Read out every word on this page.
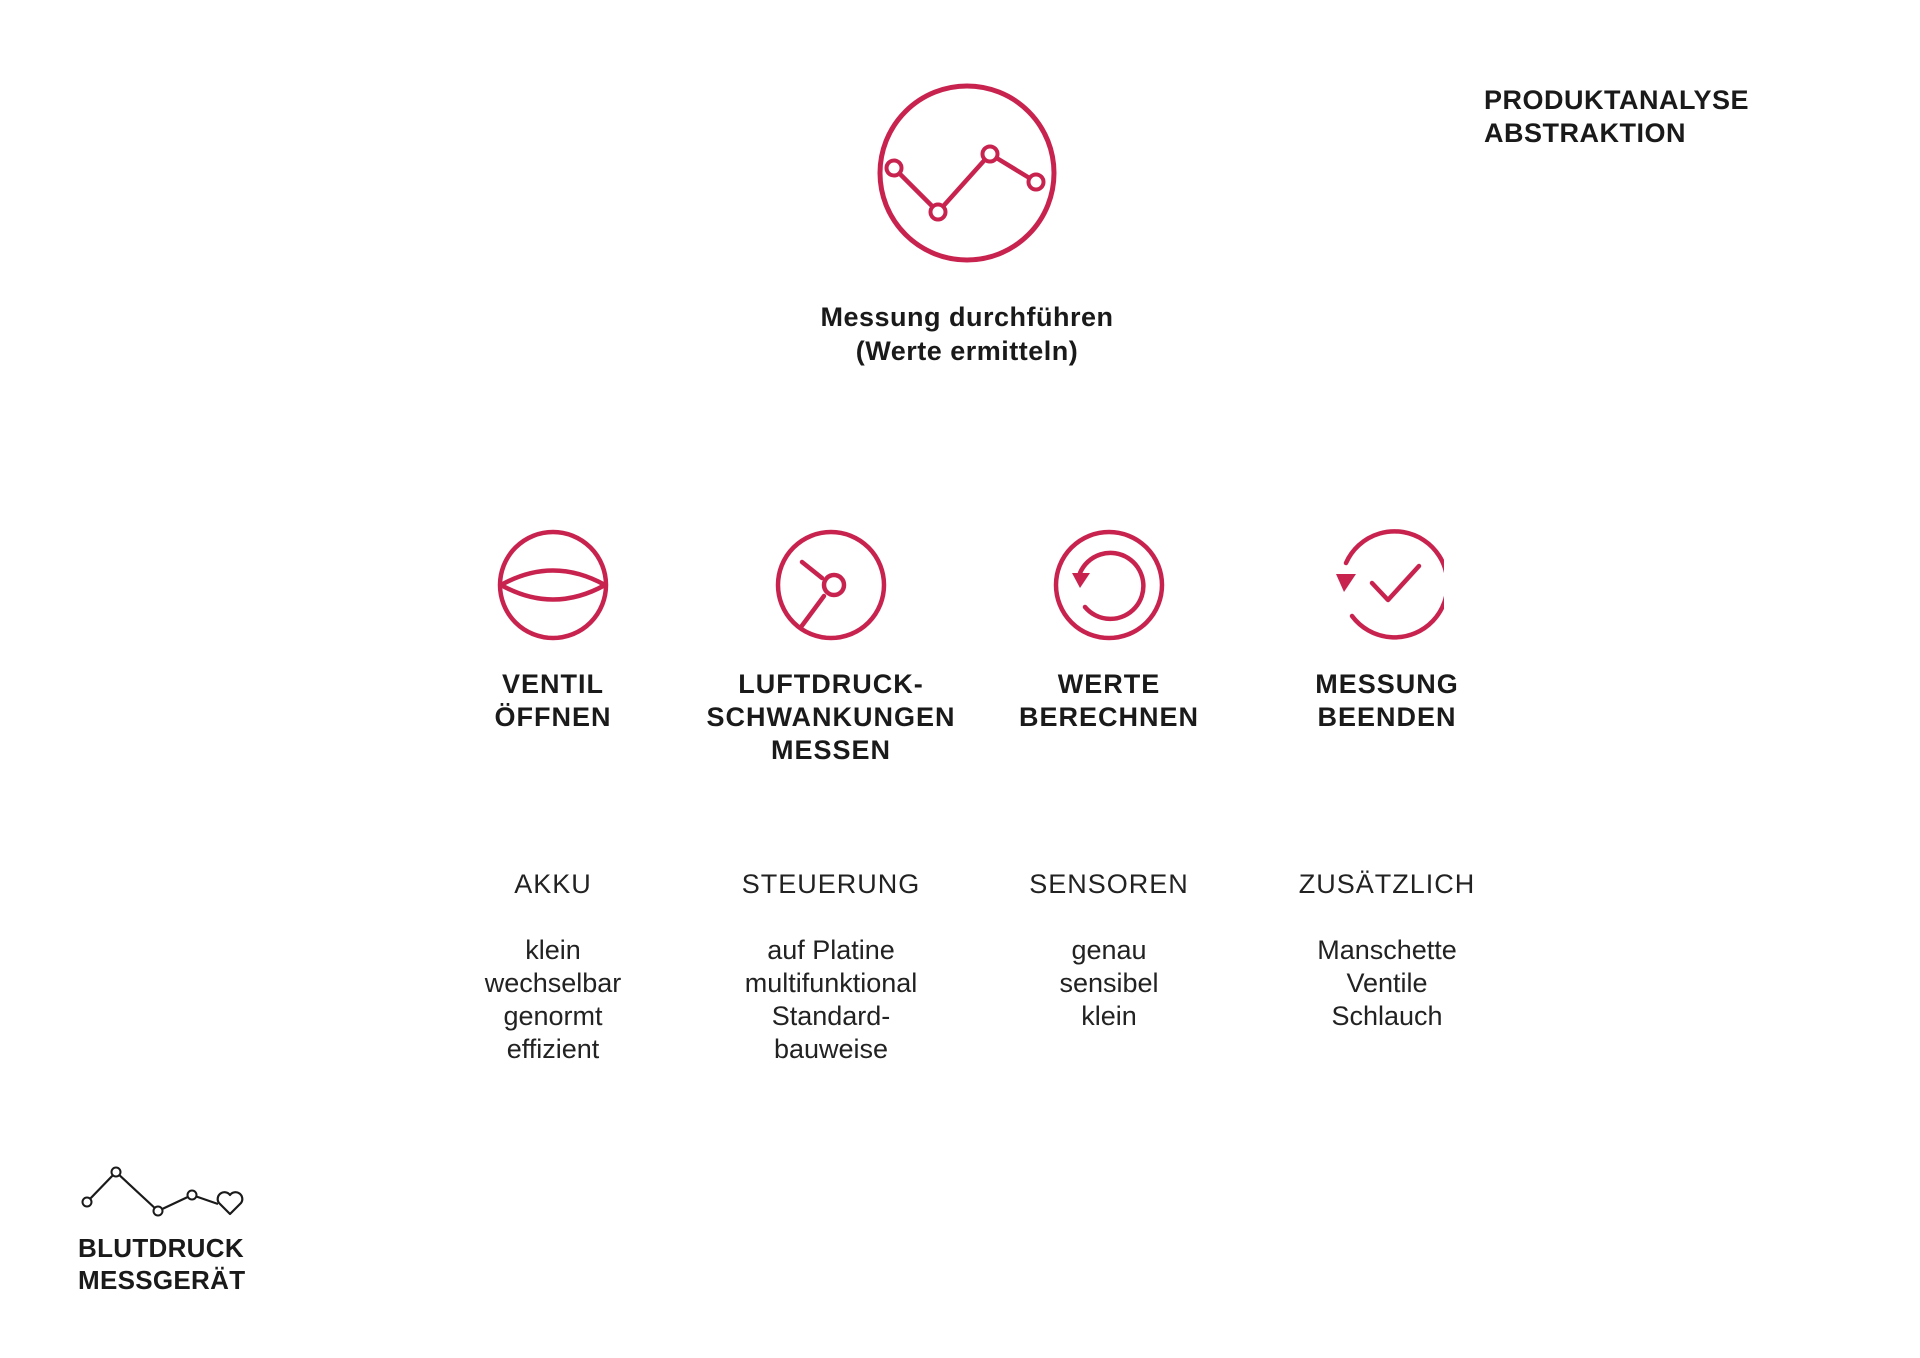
PRODUKTANALYSE
ABSTRAKTION
Messung durchführen
(Werte ermitteln)
VENTIL
ÖFFNEN
LUFTDRUCK-
SCHWANKUNGEN
MESSEN
WERTE
BERECHNEN
MESSUNG
BEENDEN
AKKU
klein
wechselbar
genormt
effizient
STEUERUNG
auf Platine
multifunktional
Standard-
bauweise
SENSOREN
genau
sensibel
klein
ZUSÄTZLICH
Manschette
Ventile
Schlauch
BLUTDRUCK
MESSGERÄT
